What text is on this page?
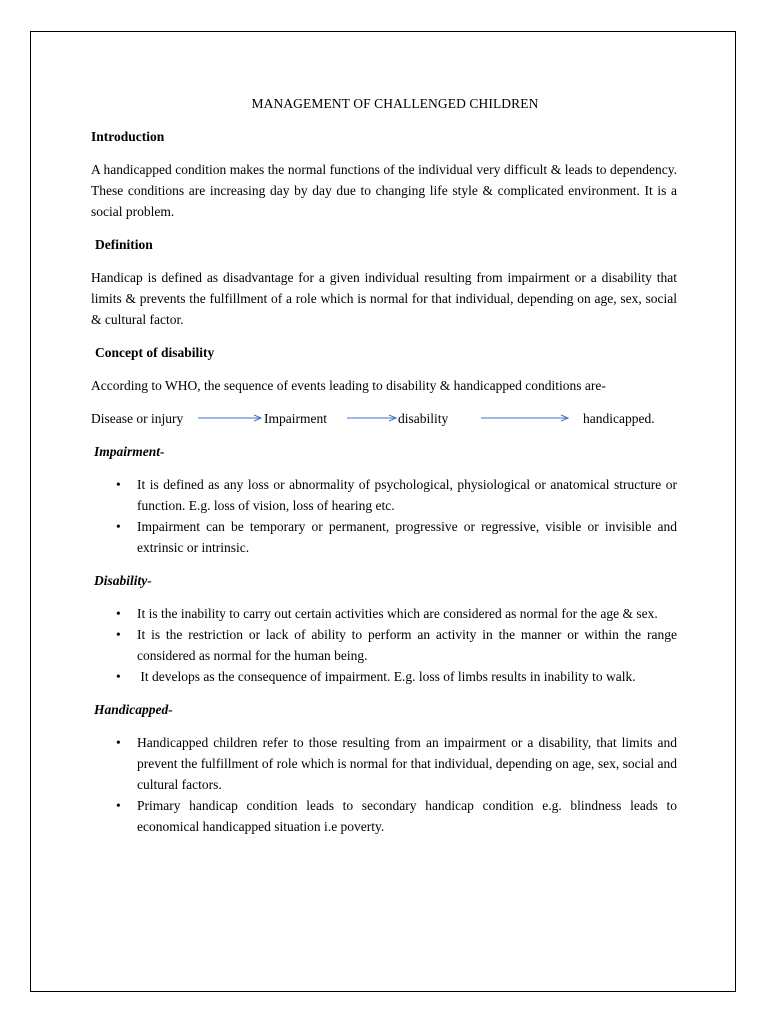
MANAGEMENT OF CHALLENGED CHILDREN
Introduction

A handicapped condition makes the normal functions of the individual very difficult & leads to dependency. These conditions are increasing day by day due to changing life style & complicated environment. It is a social problem.

Definition

Handicap is defined as disadvantage for a given individual resulting from impairment or a disability that limits & prevents the fulfillment of a role which is normal for that individual, depending on age, sex, social & cultural factor.

Concept of disability

According to WHO, the sequence of events leading to disability & handicapped conditions are-

Disease or injury	Impairment	disability	handicapped.
Impairment-
• It is defined as any loss or abnormality of psychological, physiological or anatomical structure or function. E.g. loss of vision, loss of hearing etc.
• Impairment can be temporary or permanent, progressive or regressive, visible or invisible and extrinsic or intrinsic.
Disability-
• It is the inability to carry out certain activities which are considered as normal for the age & sex.
• It is the restriction or lack of ability to perform an activity in the manner or within the range considered as normal for the human being.
• It develops as the consequence of impairment. E.g. loss of limbs results in inability to walk.
Handicapped-
• Handicapped children refer to those resulting from an impairment or a disability, that limits and prevent the fulfillment of role which is normal for that individual, depending on age, sex, social and cultural factors.
• Primary handicap condition leads to secondary handicap condition e.g. blindness leads to economical handicapped situation i.e poverty.
